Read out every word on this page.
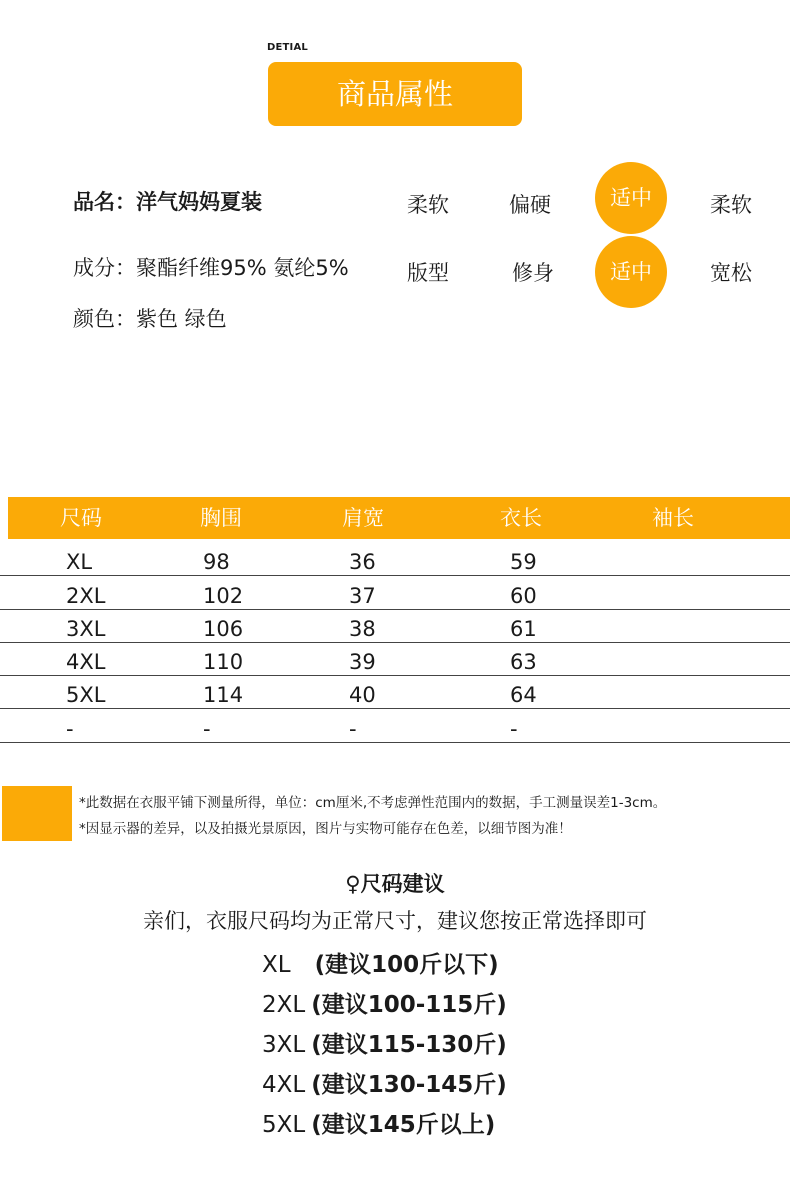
DETIAL
商品属性
品名：洋气妈妈夏装
成分：聚酯纤维95% 氨纶5%
颜色：紫色 绿色
柔软	偏硬	适中	柔软
版型	修身	适中	宽松
尺码	胸围	肩宽	衣长	袖长
XL	98	36	59
2XL	102	37	60
3XL	106	38	61
4XL	110	39	63
5XL	114	40	64
-	-	-	-
*此数据在衣服平铺下测量所得，单位：cm厘米,不考虑弹性范围内的数据，手工测量误差1-3cm。
*因显示器的差异，以及拍摄光景原因，图片与实物可能存在色差，以细节图为准！
♀尺码建议
亲们，衣服尺码均为正常尺寸，建议您按正常选择即可
XL (建议100斤以下)
2XL (建议100-115斤)
3XL (建议115-130斤)
4XL (建议130-145斤)
5XL (建议145斤以上)
